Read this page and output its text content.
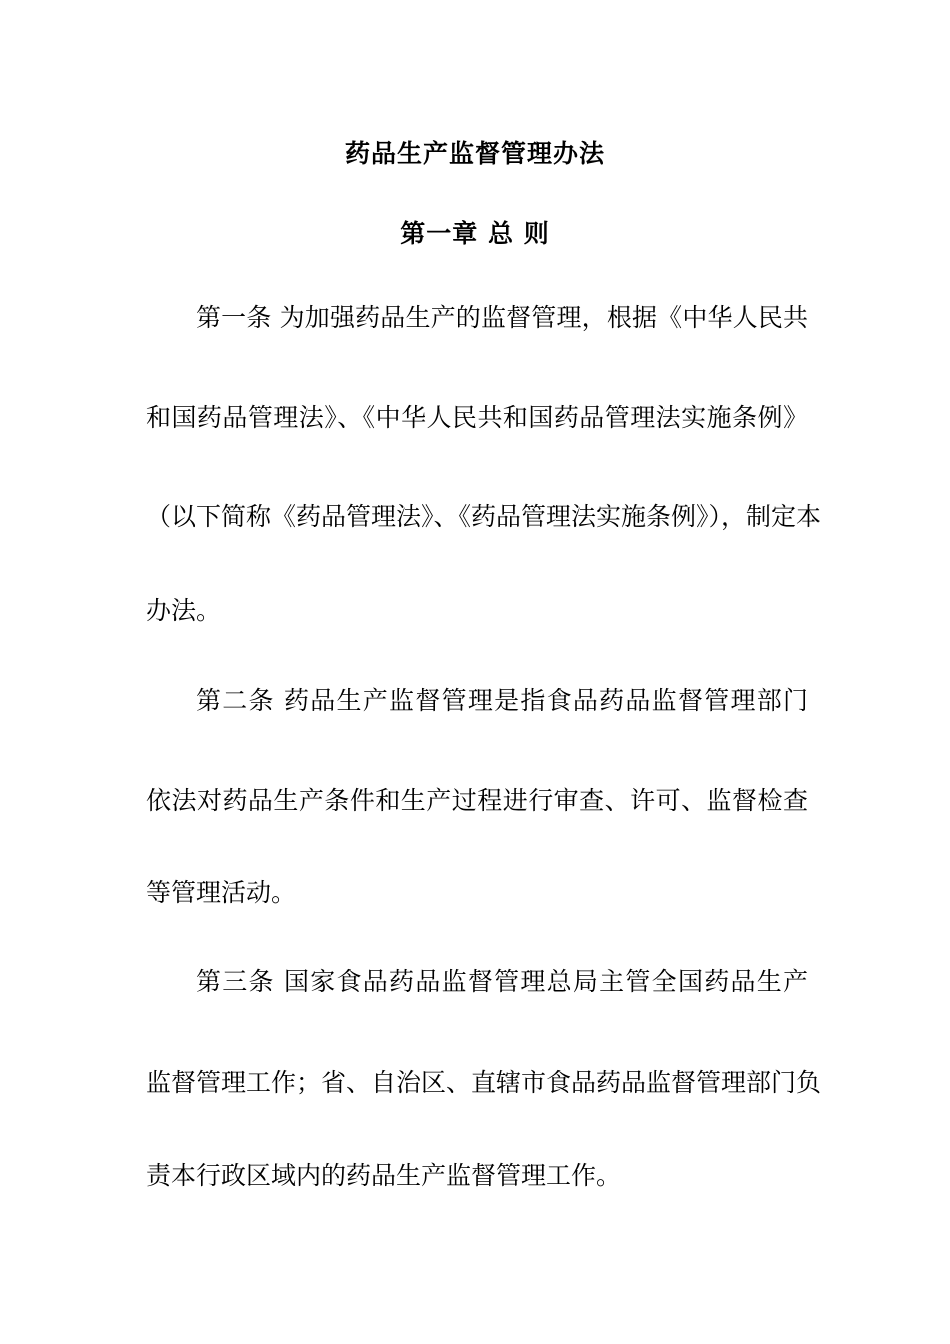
药品生产监督管理办法
第一章 总 则
第一条 为加强药品生产的监督管理，根据《中华人民共
和国药品管理法》、《中华人民共和国药品管理法实施条例》
（以下简称《药品管理法》、《药品管理法实施条例》），制定本
办法。
第二条 药品生产监督管理是指食品药品监督管理部门
依法对药品生产条件和生产过程进行审查、许可、监督检查
等管理活动。
第三条 国家食品药品监督管理总局主管全国药品生产
监督管理工作；省、自治区、直辖市食品药品监督管理部门负
责本行政区域内的药品生产监督管理工作。
